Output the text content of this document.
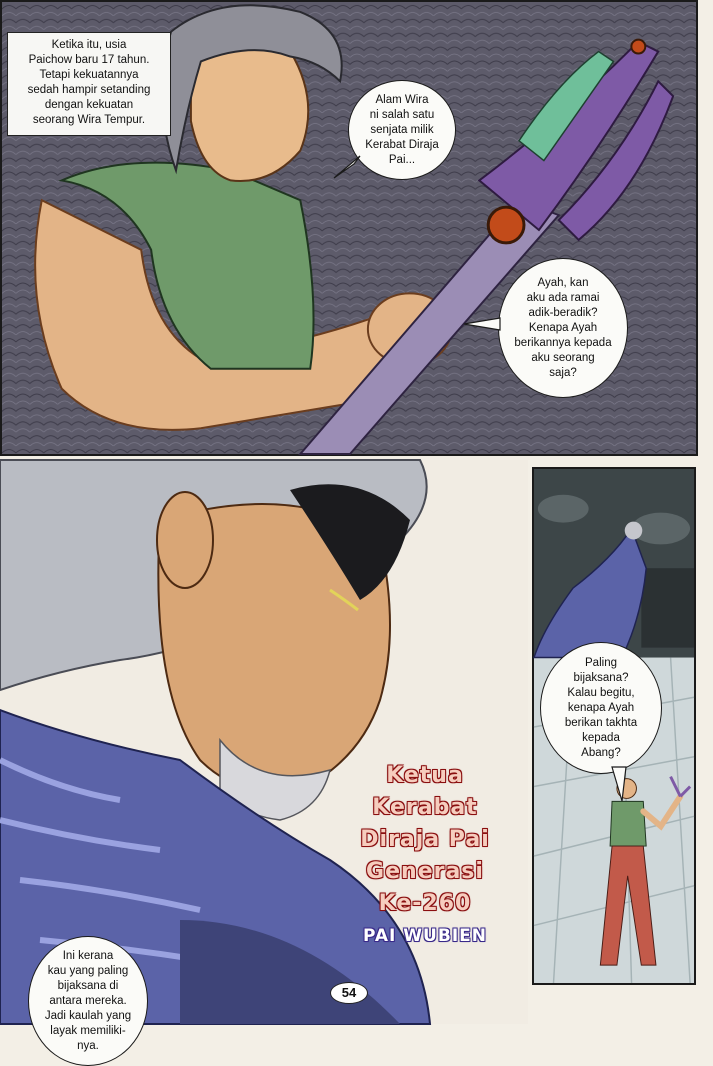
Ketika itu, usia
Paichow baru 17 tahun.
Tetapi kekuatannya
sedah hampir setanding
dengan kekuatan
seorang Wira Tempur.
Alam Wira
ni salah satu
senjata milik
Kerabat Diraja
Pai...
Ayah, kan
aku ada ramai
adik-beradik?
Kenapa Ayah
berikannya kepada
aku seorang
saja?
Ini kerana
kau yang paling
bijaksana di
antara mereka.
Jadi kaulah yang
layak memiliki-
nya.
Ketua Kerabat
Diraja Pai
Generasi
Ke-260
PAI WUBIEN
54
Paling
bijaksana?
Kalau begitu,
kenapa Ayah
berikan takhta
kepada
Abang?
